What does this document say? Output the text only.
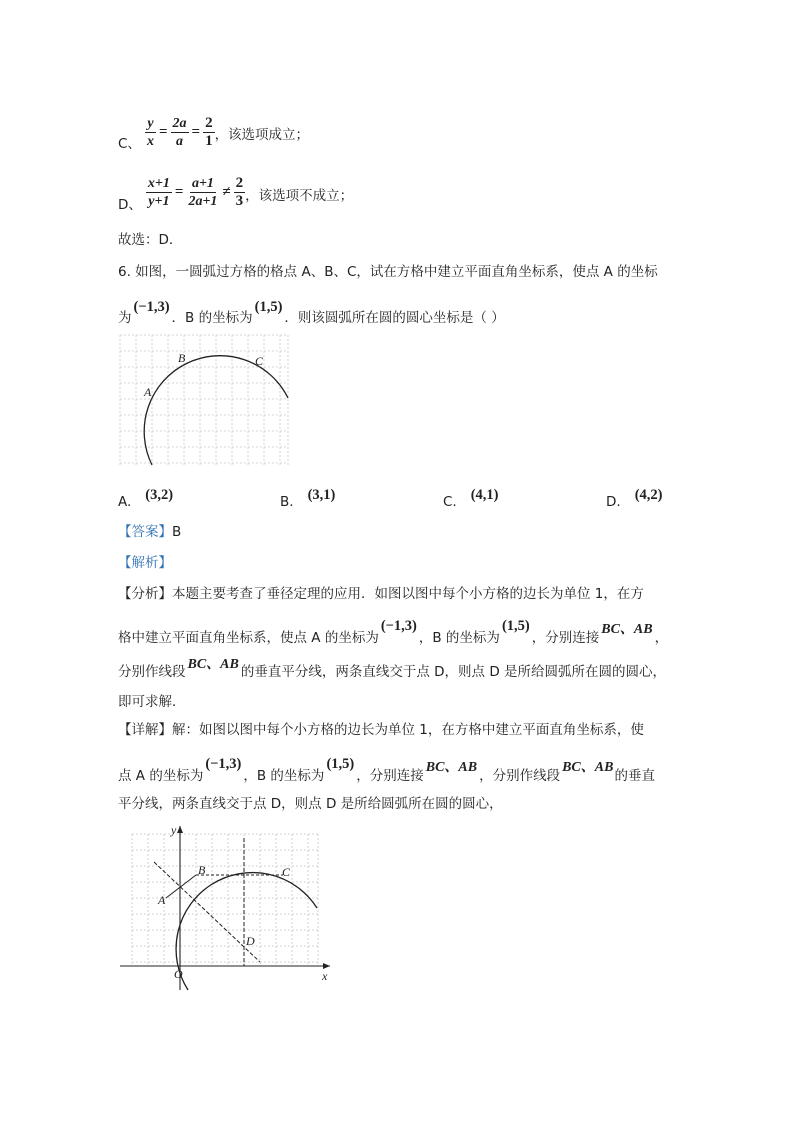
C、 $\frac{y}{x} = \frac{2a}{a} = \frac{2}{1}$ ，该选项成立；
D、 $\frac{x+1}{y+1} = \frac{a+1}{2a+1} \ne \frac{2}{3}$ ，该选项不成立；
故选：D．
6. 如图，一圆弧过方格的格点 A、B、C，试在方格中建立平面直角坐标系，使点 A 的坐标
为
(−1,3)
．B 的坐标为
(1,5)
．则该圆弧所在圆的圆心坐标是（ ）
A
B	C
A. (3,2)	B. (3,1)	C. (4,1)	D. (4,2)
【答案】B
【解析】
【分析】本题主要考查了垂径定理的应用．如图以图中每个小方格的边长为单位 1，在方
格中建立平面直角坐标系，使点 A 的坐标为
(−1,3)
，B 的坐标为
(1,5)
，分别连接
BC、AB
，
分别作线段 BC、AB 的垂直平分线，两条直线交于点 D，则点 D 是所给圆弧所在圆的圆心，
即可求解．
【详解】解：如图以图中每个小方格的边长为单位 1，在方格中建立平面直角坐标系，使
点 A 的坐标为
(−1,3)
，B 的坐标为
(1,5)
，分别连接
BC、AB
，分别作线段
BC、AB
的垂直
平分线，两条直线交于点 D，则点 D 是所给圆弧所在圆的圆心，
y
x
O
A
B	C
D
